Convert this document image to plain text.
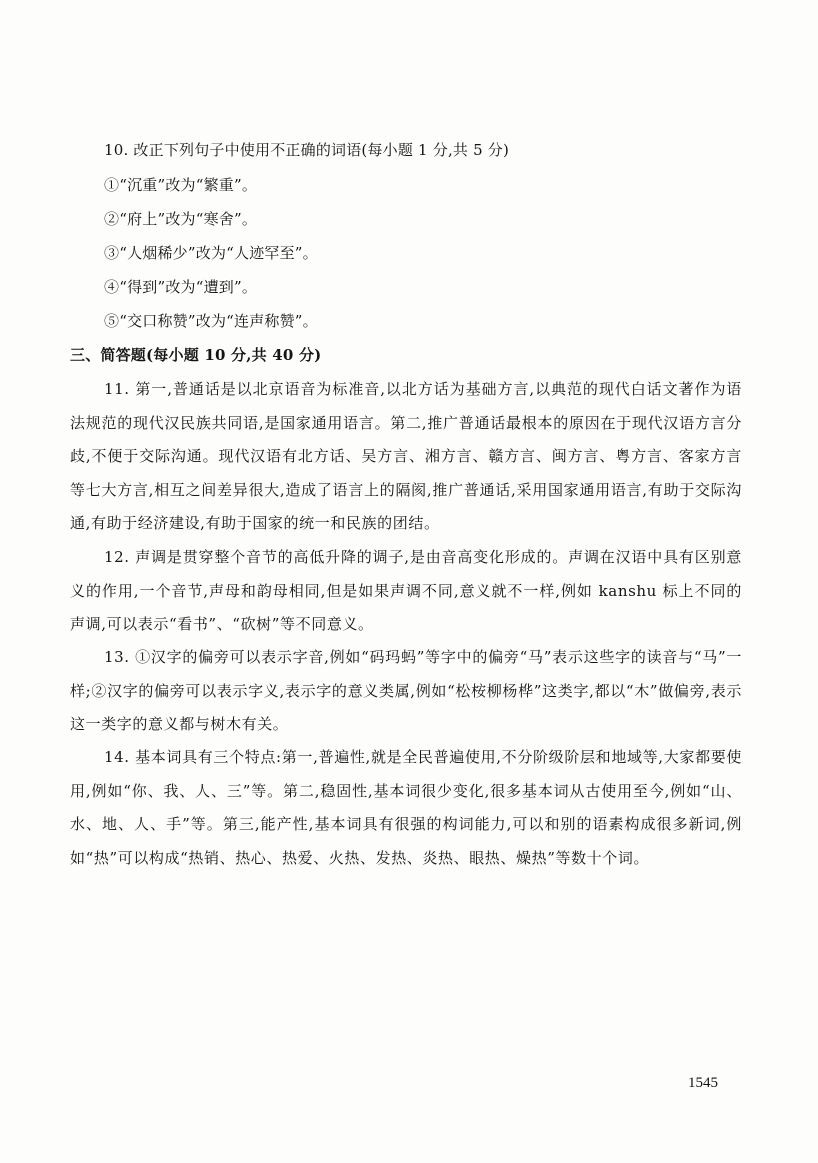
10. 改正下列句子中使用不正确的词语(每小题 1 分,共 5 分)
①“沉重”改为“繁重”。
②“府上”改为“寒舍”。
③“人烟稀少”改为“人迹罕至”。
④“得到”改为“遭到”。
⑤“交口称赞”改为“连声称赞”。
三、简答题(每小题 10 分,共 40 分)
11. 第一,普通话是以北京语音为标准音,以北方话为基础方言,以典范的现代白话文著作为语法规范的现代汉民族共同语,是国家通用语言。第二,推广普通话最根本的原因在于现代汉语方言分歧,不便于交际沟通。现代汉语有北方话、吴方言、湘方言、赣方言、闽方言、粤方言、客家方言等七大方言,相互之间差异很大,造成了语言上的隔阂,推广普通话,采用国家通用语言,有助于交际沟通,有助于经济建设,有助于国家的统一和民族的团结。
12. 声调是贯穿整个音节的高低升降的调子,是由音高变化形成的。声调在汉语中具有区别意义的作用,一个音节,声母和韵母相同,但是如果声调不同,意义就不一样,例如 kanshu 标上不同的声调,可以表示“看书”、“砍树”等不同意义。
13. ①汉字的偏旁可以表示字音,例如“码玛蚂”等字中的偏旁“马”表示这些字的读音与“马”一样;②汉字的偏旁可以表示字义,表示字的意义类属,例如“松桉柳杨桦”这类字,都以“木”做偏旁,表示这一类字的意义都与树木有关。
14. 基本词具有三个特点:第一,普遍性,就是全民普遍使用,不分阶级阶层和地域等,大家都要使用,例如“你、我、人、三”等。第二,稳固性,基本词很少变化,很多基本词从古使用至今,例如“山、水、地、人、手”等。第三,能产性,基本词具有很强的构词能力,可以和别的语素构成很多新词,例如“热”可以构成“热销、热心、热爱、火热、发热、炎热、眼热、燥热”等数十个词。
1545
